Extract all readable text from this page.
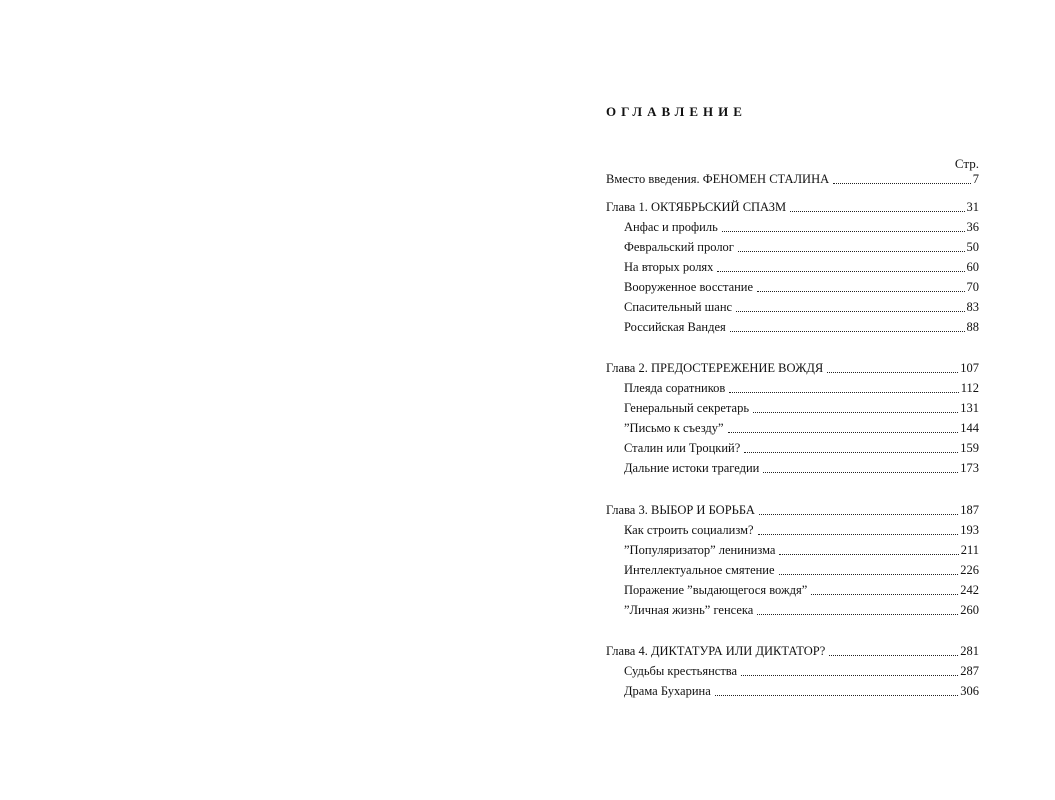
ОГЛАВЛЕНИЕ
Стр.
Вместо введения. ФЕНОМЕН СТАЛИНА	7
Глава 1. ОКТЯБРЬСКИЙ СПАЗМ	31
Анфас и профиль	36
Февральский пролог	50
На вторых ролях	60
Вооруженное восстание	70
Спасительный шанс	83
Российская Вандея	88
Глава 2. ПРЕДОСТЕРЕЖЕНИЕ ВОЖДЯ	107
Плеяда соратников	112
Генеральный секретарь	131
”Письмо к съезду”	144
Сталин или Троцкий?	159
Дальние истоки трагедии	173
Глава 3. ВЫБОР И БОРЬБА	187
Как строить социализм?	193
”Популяризатор” ленинизма	211
Интеллектуальное смятение	226
Поражение ”выдающегося вождя”	242
”Личная жизнь” генсека	260
Глава 4. ДИКТАТУРА ИЛИ ДИКТАТОР?	281
Судьбы крестьянства	287
Драма Бухарина	306
